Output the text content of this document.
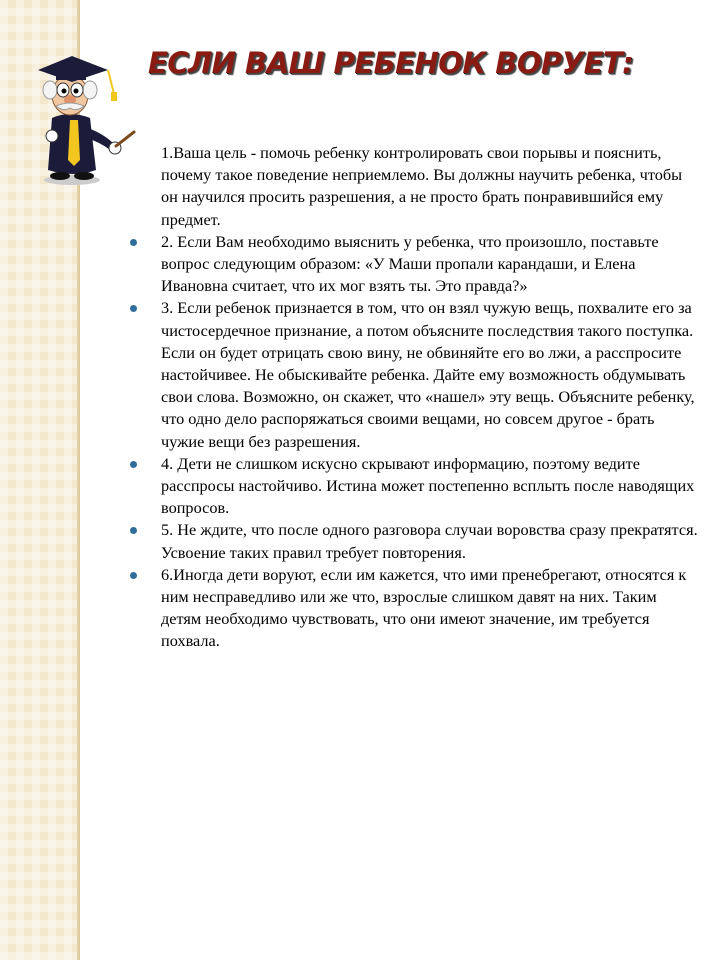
ЕСЛИ ВАШ РЕБЕНОК ВОРУЕТ:

1.Ваша цель - помочь ребенку контролировать свои порывы и пояснить, почему такое поведение неприемлемо. Вы должны научить ребенка, чтобы он научился просить разрешения, а не просто брать понравившийся ему предмет.

2. Если Вам необходимо выяснить у ребенка, что произошло, поставьте вопрос следующим образом: «У Маши пропали карандаши, и Елена Ивановна считает, что их мог взять ты. Это правда?»

3. Если ребенок признается в том, что он взял чужую вещь, похвалите его за чистосердечное признание, а потом объясните последствия такого поступка. Если он будет отрицать свою вину, не обвиняйте его во лжи, а расспросите настойчивее. Не обыскивайте ребенка. Дайте ему возможность обдумывать свои слова. Возможно, он скажет, что «нашел» эту вещь. Объясните ребенку, что одно дело распоряжаться своими вещами, но совсем другое - брать чужие вещи без разрешения.

4. Дети не слишком искусно скрывают информацию, поэтому ведите расспросы настойчиво. Истина может постепенно всплыть после наводящих вопросов.

5. Не ждите, что после одного разговора случаи воровства сразу прекратятся. Усвоение таких правил требует повторения.

6.Иногда дети воруют, если им кажется, что ими пренебрегают, относятся к ним несправедливо или же что, взрослые слишком давят на них. Таким детям необходимо чувствовать, что они имеют значение, им требуется похвала.
